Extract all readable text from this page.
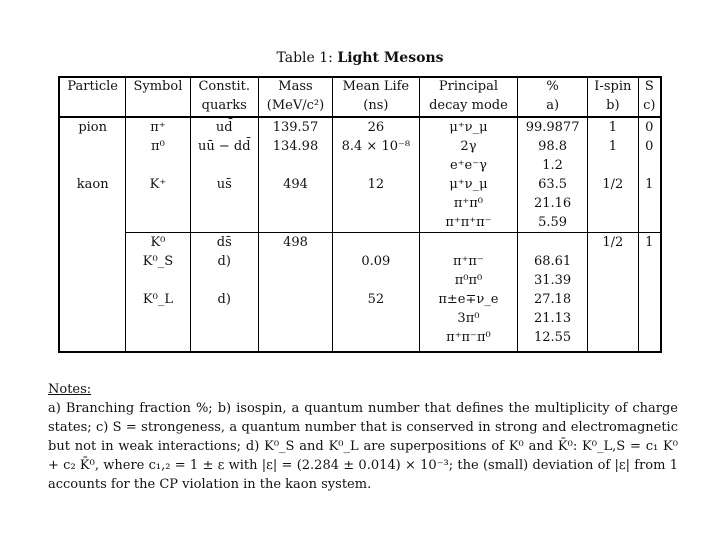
Table 1: Light Mesons
Particle	Symbol	Constit.	Mass	Mean Life	Principal	%	I-spin	S
		quarks	(MeV/c²)	(ns)	decay mode	a)	b)	c)
pion	π⁺	ud̄	139.57	26	μ⁺ν_μ	99.9877	1	0
	π⁰	uū − dd̄	134.98	8.4 × 10⁻⁸	2γ	98.8	1	0
					e⁺e⁻γ	1.2		
kaon	K⁺	us̄	494	12	μ⁺ν_μ	63.5	1/2	1
					π⁺π⁰	21.16		
					π⁺π⁺π⁻	5.59		
	K⁰	ds̄	498				1/2	1
	K⁰_S	d)		0.09	π⁺π⁻	68.61		
					π⁰π⁰	31.39		
	K⁰_L	d)		52	π±e∓ν_e	27.18		
					3π⁰	21.13		
					π⁺π⁻π⁰	12.55		
Notes:

a) Branching fraction %; b) isospin, a quantum number that defines the multiplicity of charge states; c) S = strongeness, a quantum number that is conserved in strong and electromagnetic but not in weak interactions; d) K⁰_S and K⁰_L are superpositions of K⁰ and K̄⁰: K⁰_L,S = c₁ K⁰ + c₂ K̄⁰, where c₁,₂ = 1 ± ε with |ε| = (2.284 ± 0.014) × 10⁻³; the (small) deviation of |ε| from 1 accounts for the CP violation in the kaon system.
